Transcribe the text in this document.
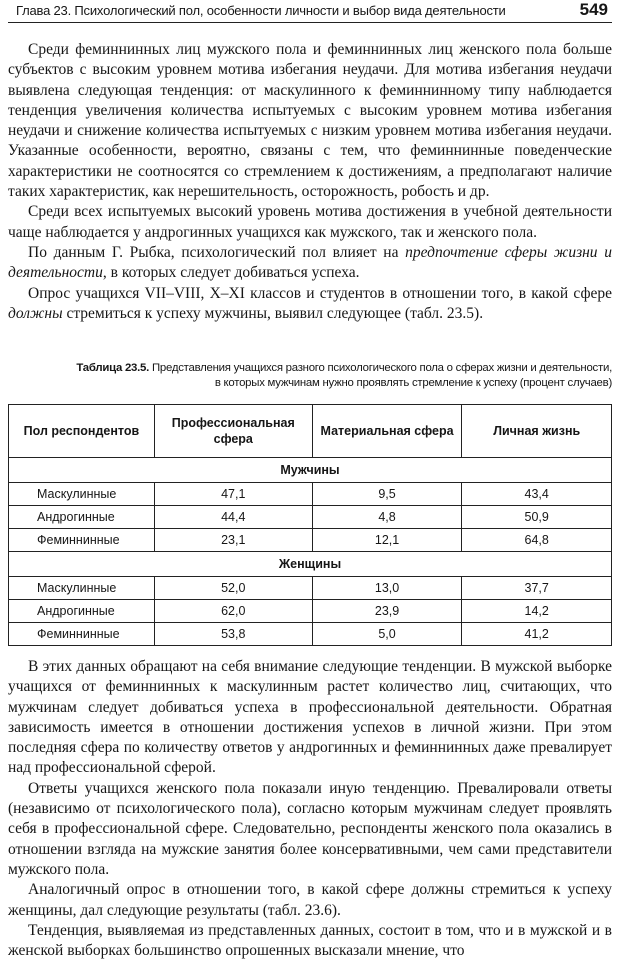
Глава 23. Психологический пол, особенности личности и выбор вида деятельности	549

Среди феминнинных лиц мужского пола и феминнинных лиц женского пола больше субъектов с высоким уровнем мотива избегания неудачи. Для мотива избегания неудачи выявлена следующая тенденция: от маскулинного к феминнинному типу наблюдается тенденция увеличения количества испытуемых с высоким уровнем мотива избегания неудачи и снижение количества испытуемых с низким уровнем мотива избегания неудачи. Указанные особенности, вероятно, связаны с тем, что феминнинные поведенческие характеристики не соотносятся со стремлением к достижениям, а предполагают наличие таких характеристик, как нерешительность, осторожность, робость и др.

Среди всех испытуемых высокий уровень мотива достижения в учебной деятельности чаще наблюдается у андрогинных учащихся как мужского, так и женского пола.

По данным Г. Рыбка, психологический пол влияет на предпочтение сферы жизни и деятельности, в которых следует добиваться успеха.

Опрос учащихся VII–VIII, X–XI классов и студентов в отношении того, в какой сфере должны стремиться к успеху мужчины, выявил следующее (табл. 23.5).

Таблица 23.5. Представления учащихся разного психологического пола о сферах жизни и деятельности,
в которых мужчинам нужно проявлять стремление к успеху (процент случаев)
Пол респондентов	Профессиональная сфера	Материальная сфера	Личная жизнь
Мужчины			
Маскулинные	47,1	9,5	43,4
Андрогинные	44,4	4,8	50,9
Феминнинные	23,1	12,1	64,8
Женщины			
Маскулинные	52,0	13,0	37,7
Андрогинные	62,0	23,9	14,2
Феминнинные	53,8	5,0	41,2

В этих данных обращают на себя внимание следующие тенденции. В мужской выборке учащихся от феминнинных к маскулинным растет количество лиц, считающих, что мужчинам следует добиваться успеха в профессиональной деятельности. Обратная зависимость имеется в отношении достижения успехов в личной жизни. При этом последняя сфера по количеству ответов у андрогинных и феминнинных даже превалирует над профессиональной сферой.

Ответы учащихся женского пола показали иную тенденцию. Превалировали ответы (независимо от психологического пола), согласно которым мужчинам следует проявлять себя в профессиональной сфере. Следовательно, респонденты женского пола оказались в отношении взгляда на мужские занятия более консервативными, чем сами представители мужского пола.

Аналогичный опрос в отношении того, в какой сфере должны стремиться к успеху женщины, дал следующие результаты (табл. 23.6).

Тенденция, выявляемая из представленных данных, состоит в том, что и в мужской и в женской выборках большинство опрошенных высказали мнение, что
